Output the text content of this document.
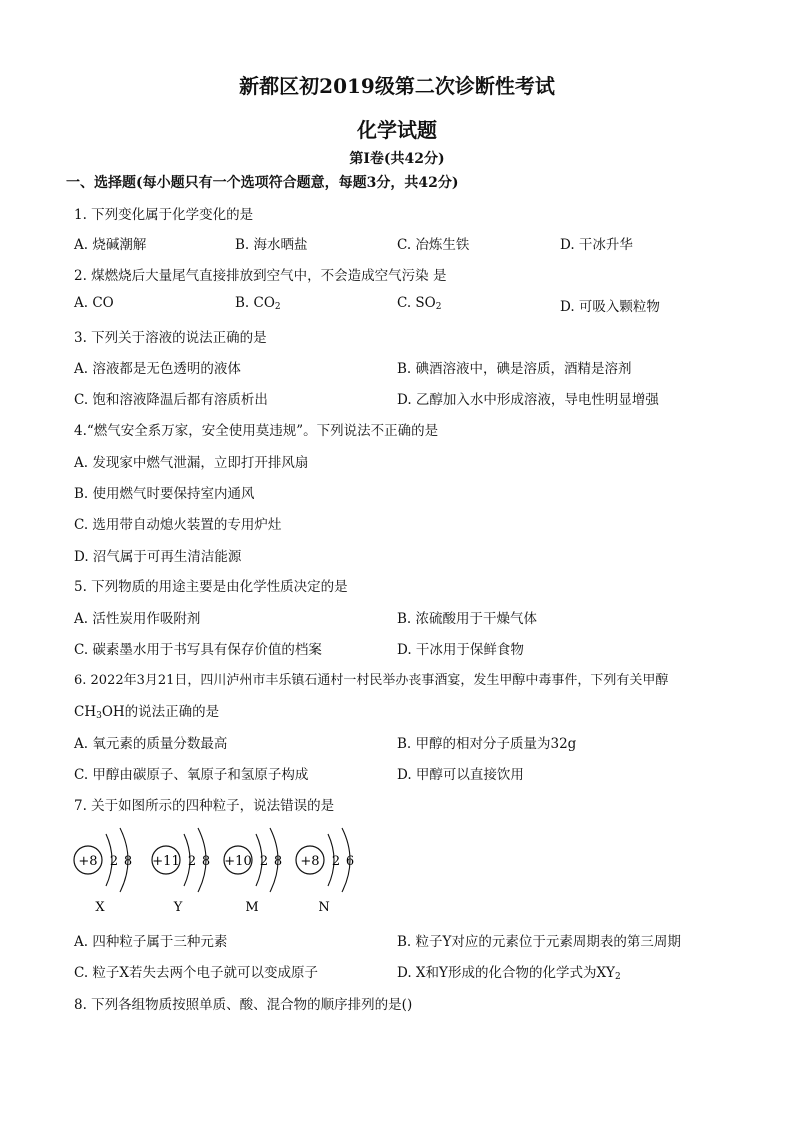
新都区初2019级第二次诊断性考试
化学试题
第Ⅰ卷(共42分)
一、选择题(每小题只有一个选项符合题意，每题3分，共42分)
1. 下列变化属于化学变化的是
A. 烧碱潮解	B. 海水晒盐	C. 冶炼生铁	D. 干冰升华
2. 煤燃烧后大量尾气直接排放到空气中，不会造成空气污染 是
A. CO	B. $CO_2$	C. $SO_2$	D. 可吸入颗粒物
3. 下列关于溶液的说法正确的是
A. 溶液都是无色透明的液体	B. 碘酒溶液中，碘是溶质，酒精是溶剂
C. 饱和溶液降温后都有溶质析出	D. 乙醇加入水中形成溶液，导电性明显增强
4.“燃气安全系万家，安全使用莫违规”。下列说法不正确的是
A. 发现家中燃气泄漏，立即打开排风扇
B. 使用燃气时要保持室内通风
C. 选用带自动熄火装置的专用炉灶
D. 沼气属于可再生清洁能源
5. 下列物质的用途主要是由化学性质决定的是
A. 活性炭用作吸附剂	B. 浓硫酸用于干燥气体
C. 碳素墨水用于书写具有保存价值的档案	D. 干冰用于保鲜食物
6. 2022年3月21日，四川泸州市丰乐镇石通村一村民举办丧事酒宴，发生甲醇中毒事件，下列有关甲醇
$CH_3OH$的说法正确的是
A. 氧元素的质量分数最高	B. 甲醇的相对分子质量为32g
C. 甲醇由碳原子、氧原子和氢原子构成	D. 甲醇可以直接饮用
7. 关于如图所示的四种粒子，说法错误的是
+8 2 8
X
+11 2 8
Y
+10 2 8
M
+8 2 6
N
A. 四种粒子属于三种元素	B. 粒子Y对应的元素位于元素周期表的第三周期
C. 粒子X若失去两个电子就可以变成原子	D. X和Y形成的化合物的化学式为$XY_2$
8. 下列各组物质按照单质、酸、混合物的顺序排列的是()
